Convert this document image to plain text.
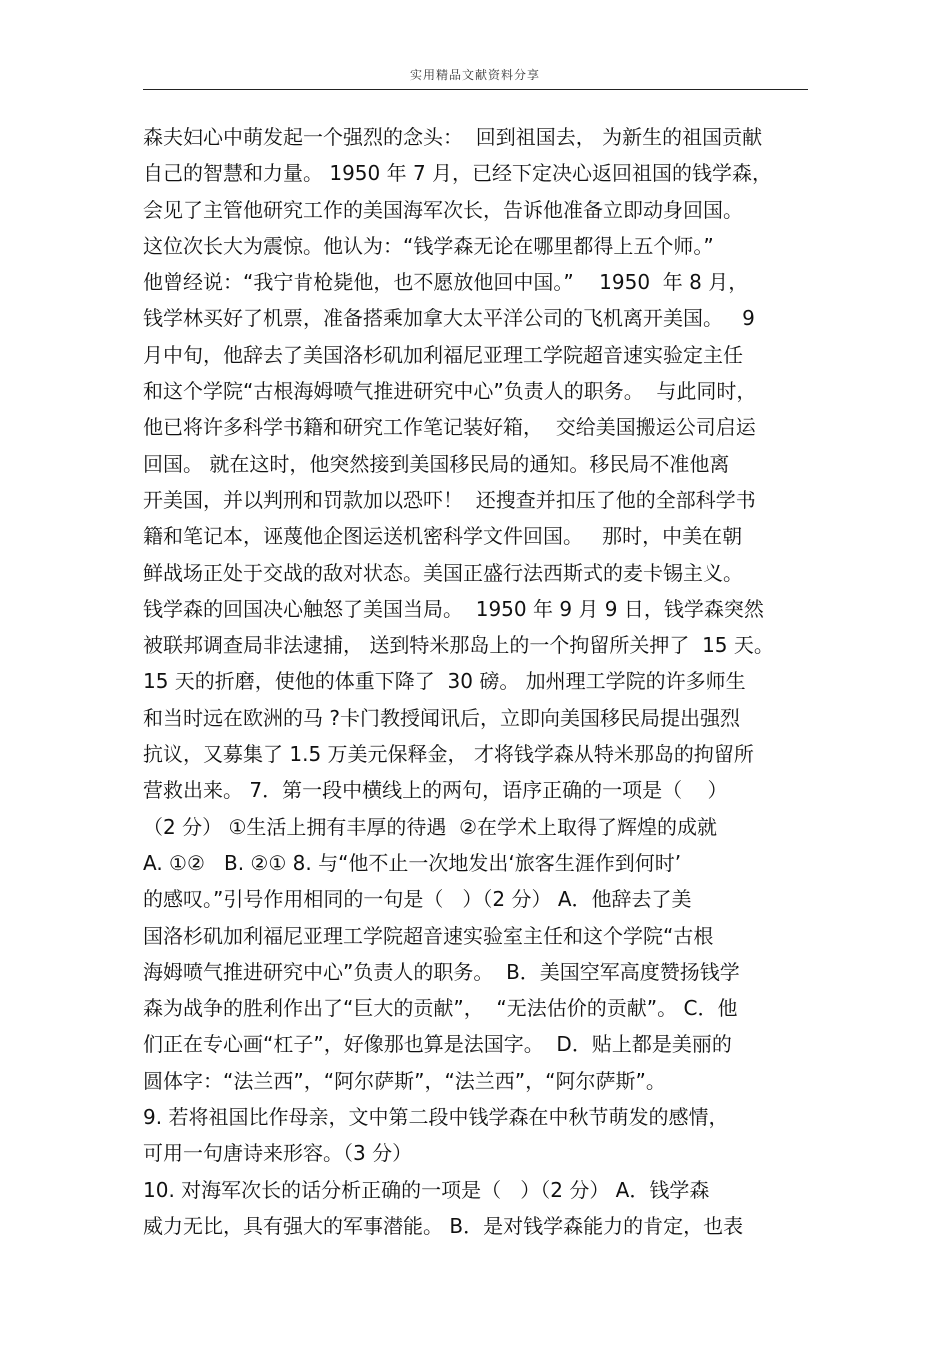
实用精品文献资料分享
森夫妇心中萌发起一个强烈的念头：  回到祖国去， 为新生的祖国贡献
自己的智慧和力量。 1950 年 7 月，已经下定决心返回祖国的钱学森，
会见了主管他研究工作的美国海军次长，告诉他准备立即动身回国。
这位次长大为震惊。他认为：“钱学森无论在哪里都得上五个师。”
他曾经说：“我宁肯枪毙他，也不愿放他回中国。”    1950  年 8 月，
钱学林买好了机票，准备搭乘加拿大太平洋公司的飞机离开美国。   9
月中旬，他辞去了美国洛杉矶加利福尼亚理工学院超音速实验定主任
和这个学院“古根海姆喷气推进研究中心”负责人的职务。  与此同时，
他已将许多科学书籍和研究工作笔记装好箱，  交给美国搬运公司启运
回国。 就在这时，他突然接到美国移民局的通知。移民局不准他离
开美国，并以判刑和罚款加以恐吓！  还搜查并扣压了他的全部科学书
籍和笔记本，诬蔑他企图运送机密科学文件回国。   那时，中美在朝
鲜战场正处于交战的敌对状态。美国正盛行法西斯式的麦卡锡主义。
钱学森的回国决心触怒了美国当局。  1950 年 9 月 9 日，钱学森突然
被联邦调查局非法逮捕， 送到特米那岛上的一个拘留所关押了  15 天。
15 天的折磨，使他的体重下降了  30 磅。 加州理工学院的许多师生
和当时远在欧洲的马 ?卡门教授闻讯后，立即向美国移民局提出强烈
抗议，又募集了 1.5 万美元保释金， 才将钱学森从特米那岛的拘留所
营救出来。 7．第一段中横线上的两句，语序正确的一项是（    ）
（2 分） ①生活上拥有丰厚的待遇  ②在学术上取得了辉煌的成就
A. ①②   B. ②① 8. 与“他不止一次地发出‘旅客生涯作到何时’
的感叹。”引号作用相同的一句是（   ）（2 分） A．他辞去了美
国洛杉矶加利福尼亚理工学院超音速实验室主任和这个学院“古根
海姆喷气推进研究中心”负责人的职务。  B．美国空军高度赞扬钱学
森为战争的胜利作出了“巨大的贡献”，  “无法估价的贡献”。 C．他
们正在专心画“杠子”，好像那也算是法国字。  D．贴上都是美丽的
圆体字：“法兰西”，“阿尔萨斯”，“法兰西”，“阿尔萨斯”。
9. 若将祖国比作母亲，文中第二段中钱学森在中秋节萌发的感情，
可用一句唐诗来形容。（3 分）
10. 对海军次长的话分析正确的一项是（   ）（2 分） A．钱学森
威力无比，具有强大的军事潜能。 B．是对钱学森能力的肯定，也表
